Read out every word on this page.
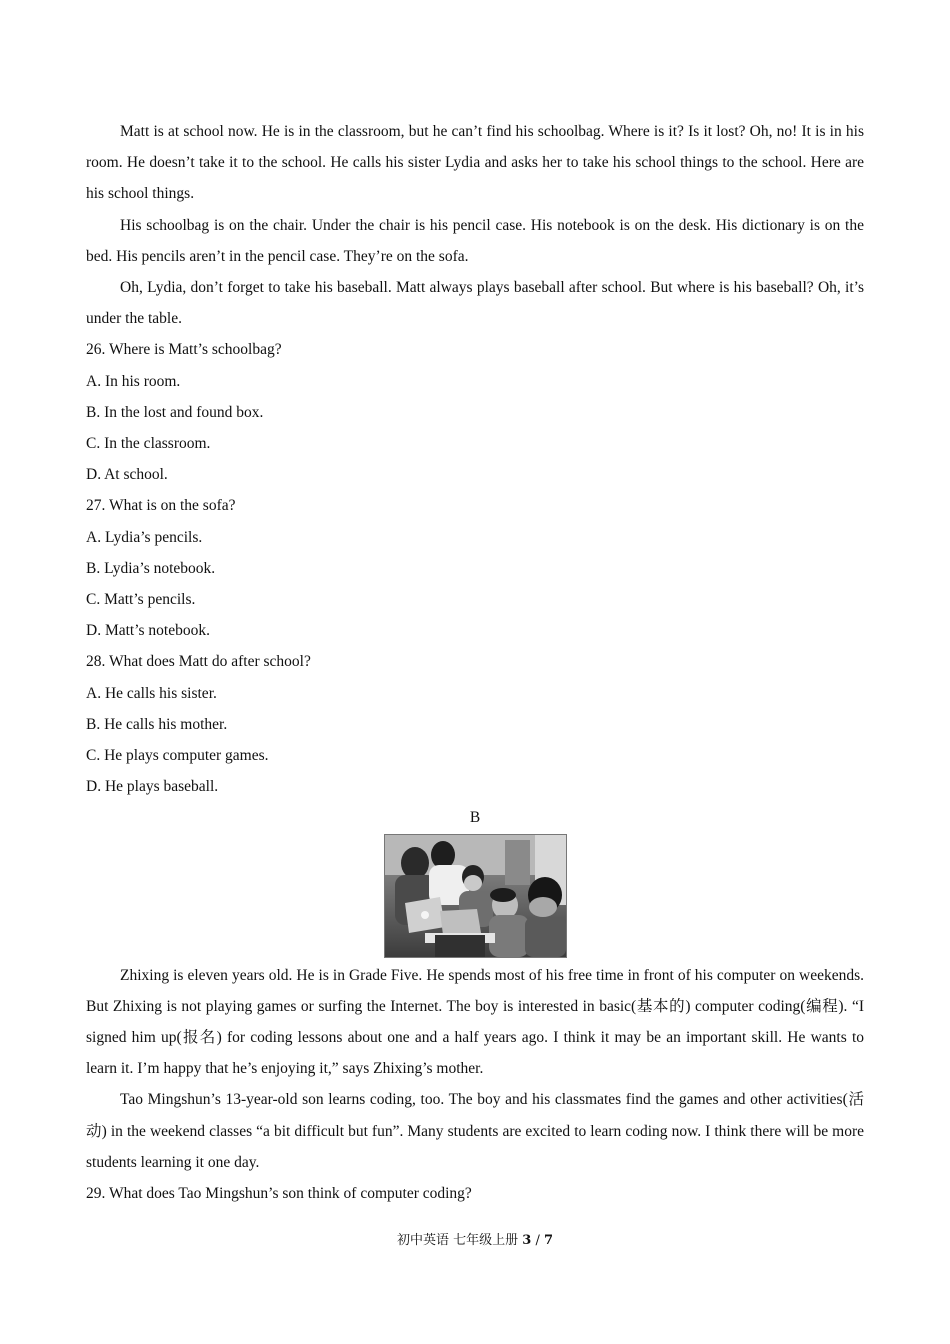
Matt is at school now. He is in the classroom, but he can’t find his schoolbag. Where is it? Is it lost? Oh, no! It is in his room. He doesn’t take it to the school. He calls his sister Lydia and asks her to take his school things to the school. Here are his school things.

His schoolbag is on the chair. Under the chair is his pencil case. His notebook is on the desk. His dictionary is on the bed. His pencils aren’t in the pencil case. They’re on the sofa.

Oh, Lydia, don’t forget to take his baseball. Matt always plays baseball after school. But where is his baseball? Oh, it’s under the table.

26. Where is Matt’s schoolbag?

A. In his room.

B. In the lost and found box.

C. In the classroom.

D. At school.

27. What is on the sofa?

A. Lydia’s pencils.

B. Lydia’s notebook.

C. Matt’s pencils.

D. Matt’s notebook.

28. What does Matt do after school?

A. He calls his sister.

B. He calls his mother.

C. He plays computer games.

D. He plays baseball.

B

Zhixing is eleven years old. He is in Grade Five. He spends most of his free time in front of his computer on weekends. But Zhixing is not playing games or surfing the Internet. The boy is interested in basic(基本的) computer coding(编程). “I signed him up(报名) for coding lessons about one and a half years ago. I think it may be an important skill. He wants to learn it. I’m happy that he’s enjoying it,” says Zhixing’s mother.

Tao Mingshun’s 13-year-old son learns coding, too. The boy and his classmates find the games and other activities(活动) in the weekend classes “a bit difficult but fun”. Many students are excited to learn coding now. I think there will be more students learning it one day.

29. What does Tao Mingshun’s son think of computer coding?

初中英语 七年级上册 3 / 7
